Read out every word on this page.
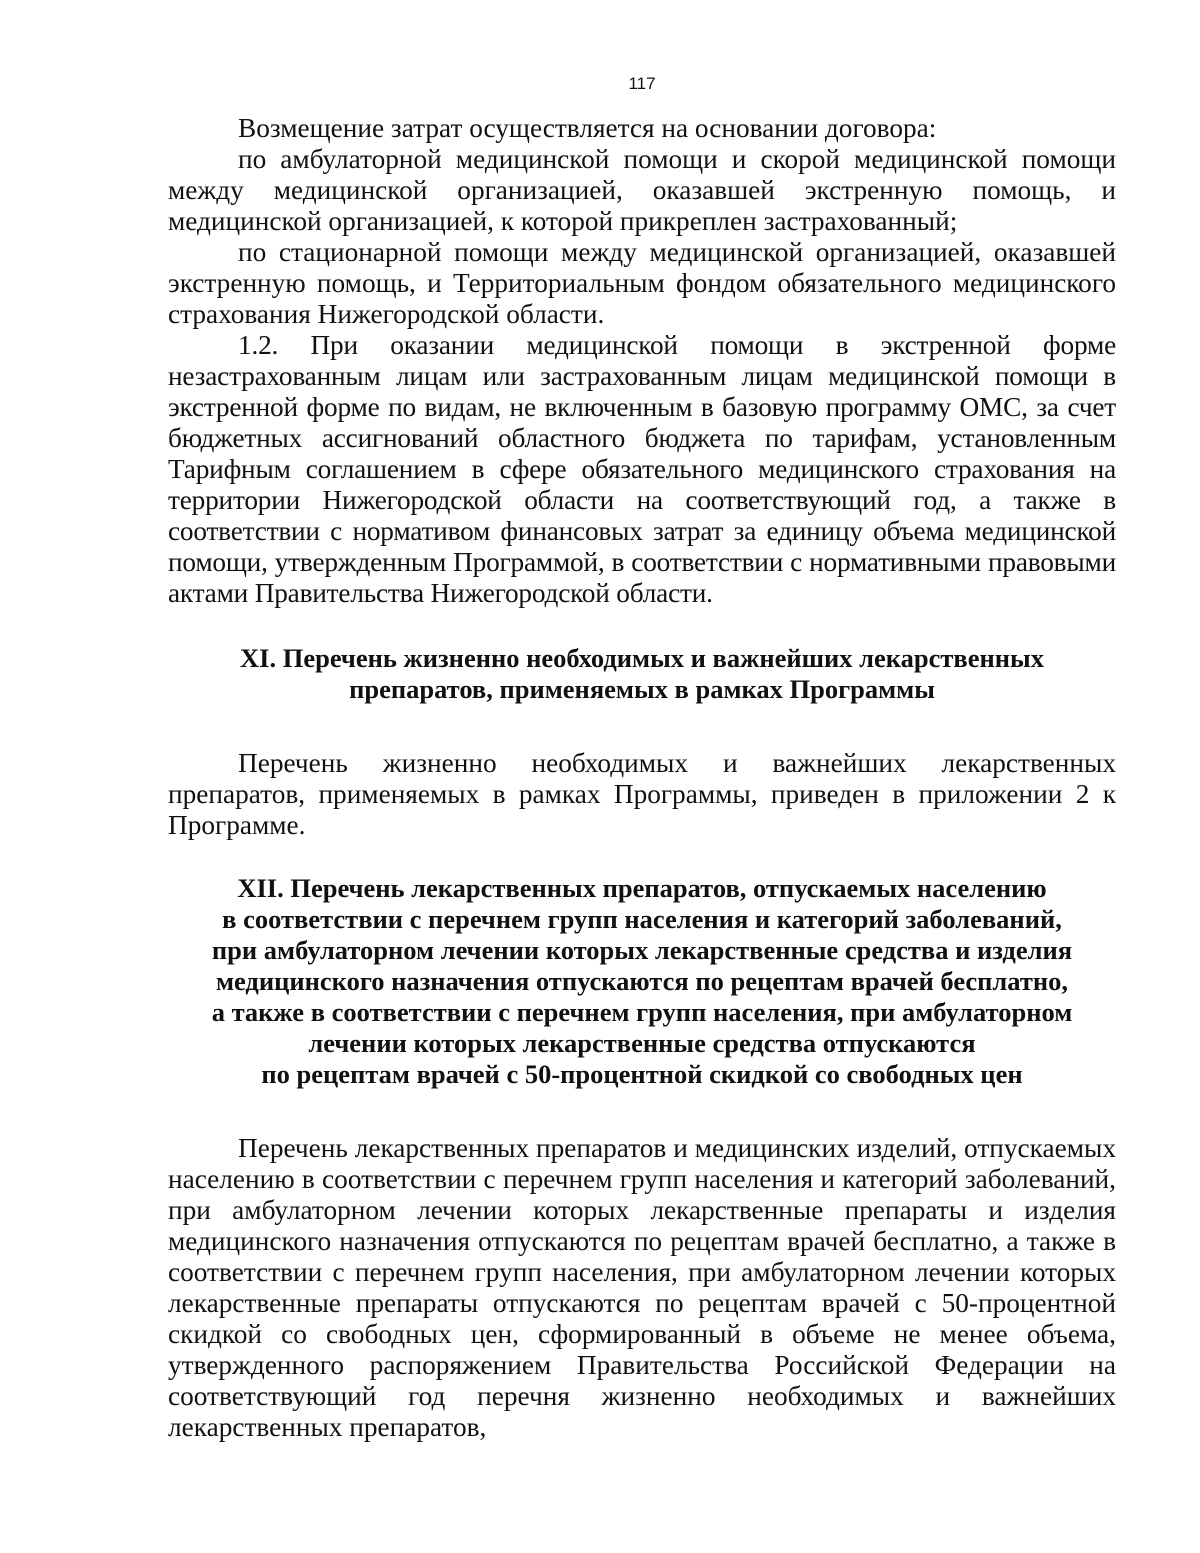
117

Возмещение затрат осуществляется на основании договора:

по амбулаторной медицинской помощи и скорой медицинской помощи между медицинской организацией, оказавшей экстренную помощь, и медицинской организацией, к которой прикреплен застрахованный;

по стационарной помощи между медицинской организацией, оказавшей экстренную помощь, и Территориальным фондом обязательного медицинского страхования Нижегородской области.

1.2. При оказании медицинской помощи в экстренной форме незастрахованным лицам или застрахованным лицам медицинской помощи в экстренной форме по видам, не включенным в базовую программу ОМС, за счет бюджетных ассигнований областного бюджета по тарифам, установленным Тарифным соглашением в сфере обязательного медицинского страхования на территории Нижегородской области на соответствующий год, а также в соответствии с нормативом финансовых затрат за единицу объема медицинской помощи, утвержденным Программой, в соответствии с нормативными правовыми актами Правительства Нижегородской области.

XI. Перечень жизненно необходимых и важнейших лекарственных
препаратов, применяемых в рамках Программы

Перечень жизненно необходимых и важнейших лекарственных препаратов, применяемых в рамках Программы, приведен в приложении 2 к Программе.

XII. Перечень лекарственных препаратов, отпускаемых населению
в соответствии с перечнем групп населения и категорий заболеваний,
при амбулаторном лечении которых лекарственные средства и изделия
медицинского назначения отпускаются по рецептам врачей бесплатно,
а также в соответствии с перечнем групп населения, при амбулаторном
лечении которых лекарственные средства отпускаются
по рецептам врачей с 50-процентной скидкой со свободных цен

Перечень лекарственных препаратов и медицинских изделий, отпускаемых населению в соответствии с перечнем групп населения и категорий заболеваний, при амбулаторном лечении которых лекарственные препараты и изделия медицинского назначения отпускаются по рецептам врачей бесплатно, а также в соответствии с перечнем групп населения, при амбулаторном лечении которых лекарственные препараты отпускаются по рецептам врачей с 50-процентной скидкой со свободных цен, сформированный в объеме не менее объема, утвержденного распоряжением Правительства Российской Федерации на соответствующий год перечня жизненно необходимых и важнейших лекарственных препаратов,
